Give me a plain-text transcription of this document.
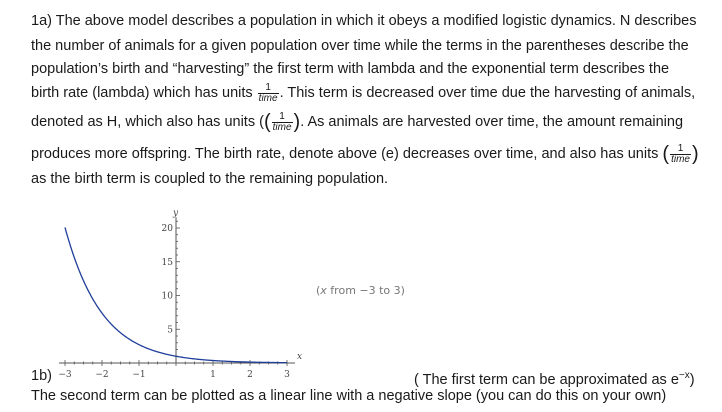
1a) The above model describes a population in which it obeys a modified logistic dynamics. N describes
the number of animals for a given population over time while the terms in the parentheses describe the
population’s birth and “harvesting” the first term with lambda and the exponential term describes the
birth rate (lambda) which has units $\frac{1}{\text{time}}$ . This term is decreased over time due the harvesting of animals,
denoted as H, which also has units (( $\frac{1}{\text{time}}$ ). As animals are harvested over time, the amount remaining
produces more offspring. The birth rate, denote above (e) decreases over time, and also has units ( $\frac{1}{\text{time}}$ )
as the birth term is coupled to the remaining population.
−3	−2	−1	1	2	3
5
10
15
20
y
x
(x from −3 to 3)
1b)	( The first term can be approximated as $e^{-x}$)
The second term can be plotted as a linear line with a negative slope (you can do this on your own)
